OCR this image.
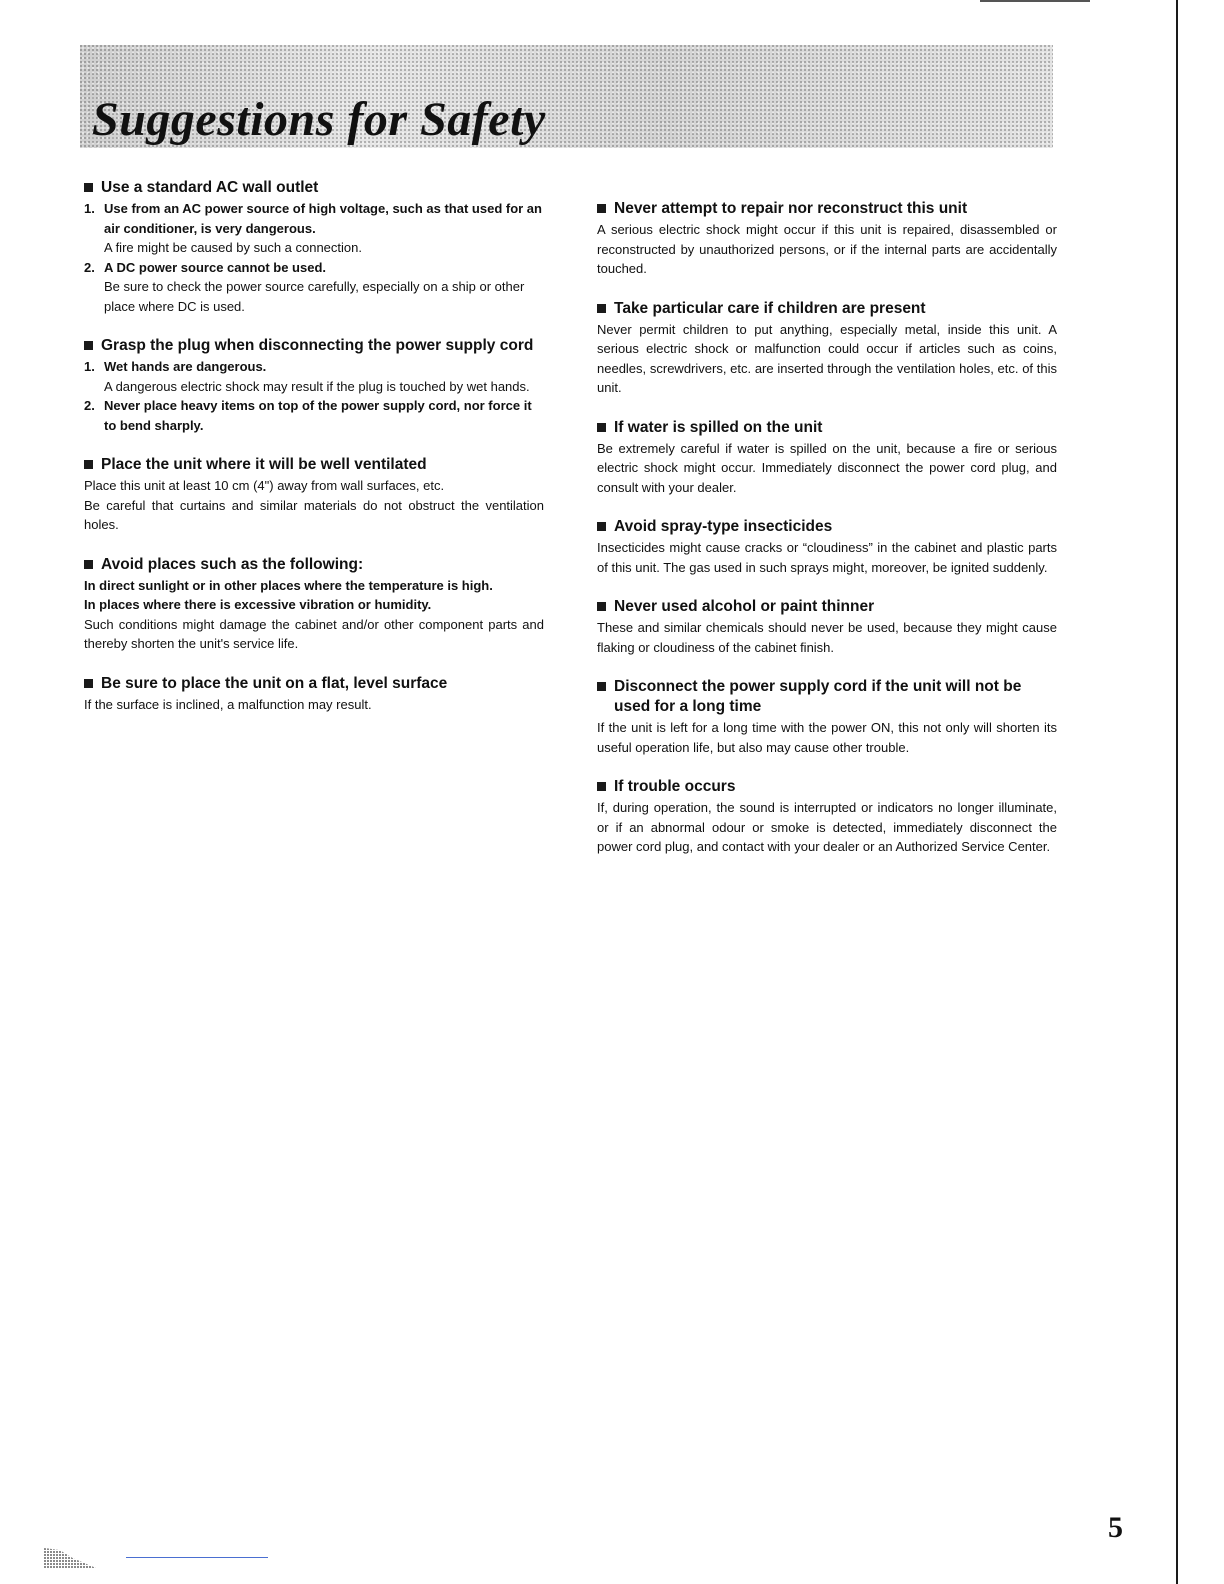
Suggestions for Safety
Use a standard AC wall outlet
1. Use from an AC power source of high voltage, such as that used for an air conditioner, is very dangerous.
A fire might be caused by such a connection.
2. A DC power source cannot be used.
Be sure to check the power source carefully, especially on a ship or other place where DC is used.
Grasp the plug when disconnecting the power supply cord
1. Wet hands are dangerous.
A dangerous electric shock may result if the plug is touched by wet hands.
2. Never place heavy items on top of the power supply cord, nor force it to bend sharply.
Place the unit where it will be well ventilated

Place this unit at least 10 cm (4") away from wall surfaces, etc.

Be careful that curtains and similar materials do not obstruct the ventilation holes.

Avoid places such as the following:

In direct sunlight or in other places where the temperature is high.

In places where there is excessive vibration or humidity.

Such conditions might damage the cabinet and/or other component parts and thereby shorten the unit's service life.

Be sure to place the unit on a flat, level surface

If the surface is inclined, a malfunction may result.

Never attempt to repair nor reconstruct this unit

A serious electric shock might occur if this unit is repaired, disassembled or reconstructed by unauthorized persons, or if the internal parts are accidentally touched.

Take particular care if children are present

Never permit children to put anything, especially metal, inside this unit. A serious electric shock or malfunction could occur if articles such as coins, needles, screwdrivers, etc. are inserted through the ventilation holes, etc. of this unit.

If water is spilled on the unit

Be extremely careful if water is spilled on the unit, because a fire or serious electric shock might occur. Immediately disconnect the power cord plug, and consult with your dealer.

Avoid spray-type insecticides

Insecticides might cause cracks or “cloudiness” in the cabinet and plastic parts of this unit. The gas used in such sprays might, moreover, be ignited suddenly.

Never used alcohol or paint thinner

These and similar chemicals should never be used, because they might cause flaking or cloudiness of the cabinet finish.

Disconnect the power supply cord if the unit will not be used for a long time

If the unit is left for a long time with the power ON, this not only will shorten its useful operation life, but also may cause other trouble.

If trouble occurs

If, during operation, the sound is interrupted or indicators no longer illuminate, or if an abnormal odour or smoke is detected, immediately disconnect the power cord plug, and contact with your dealer or an Authorized Service Center.

5
